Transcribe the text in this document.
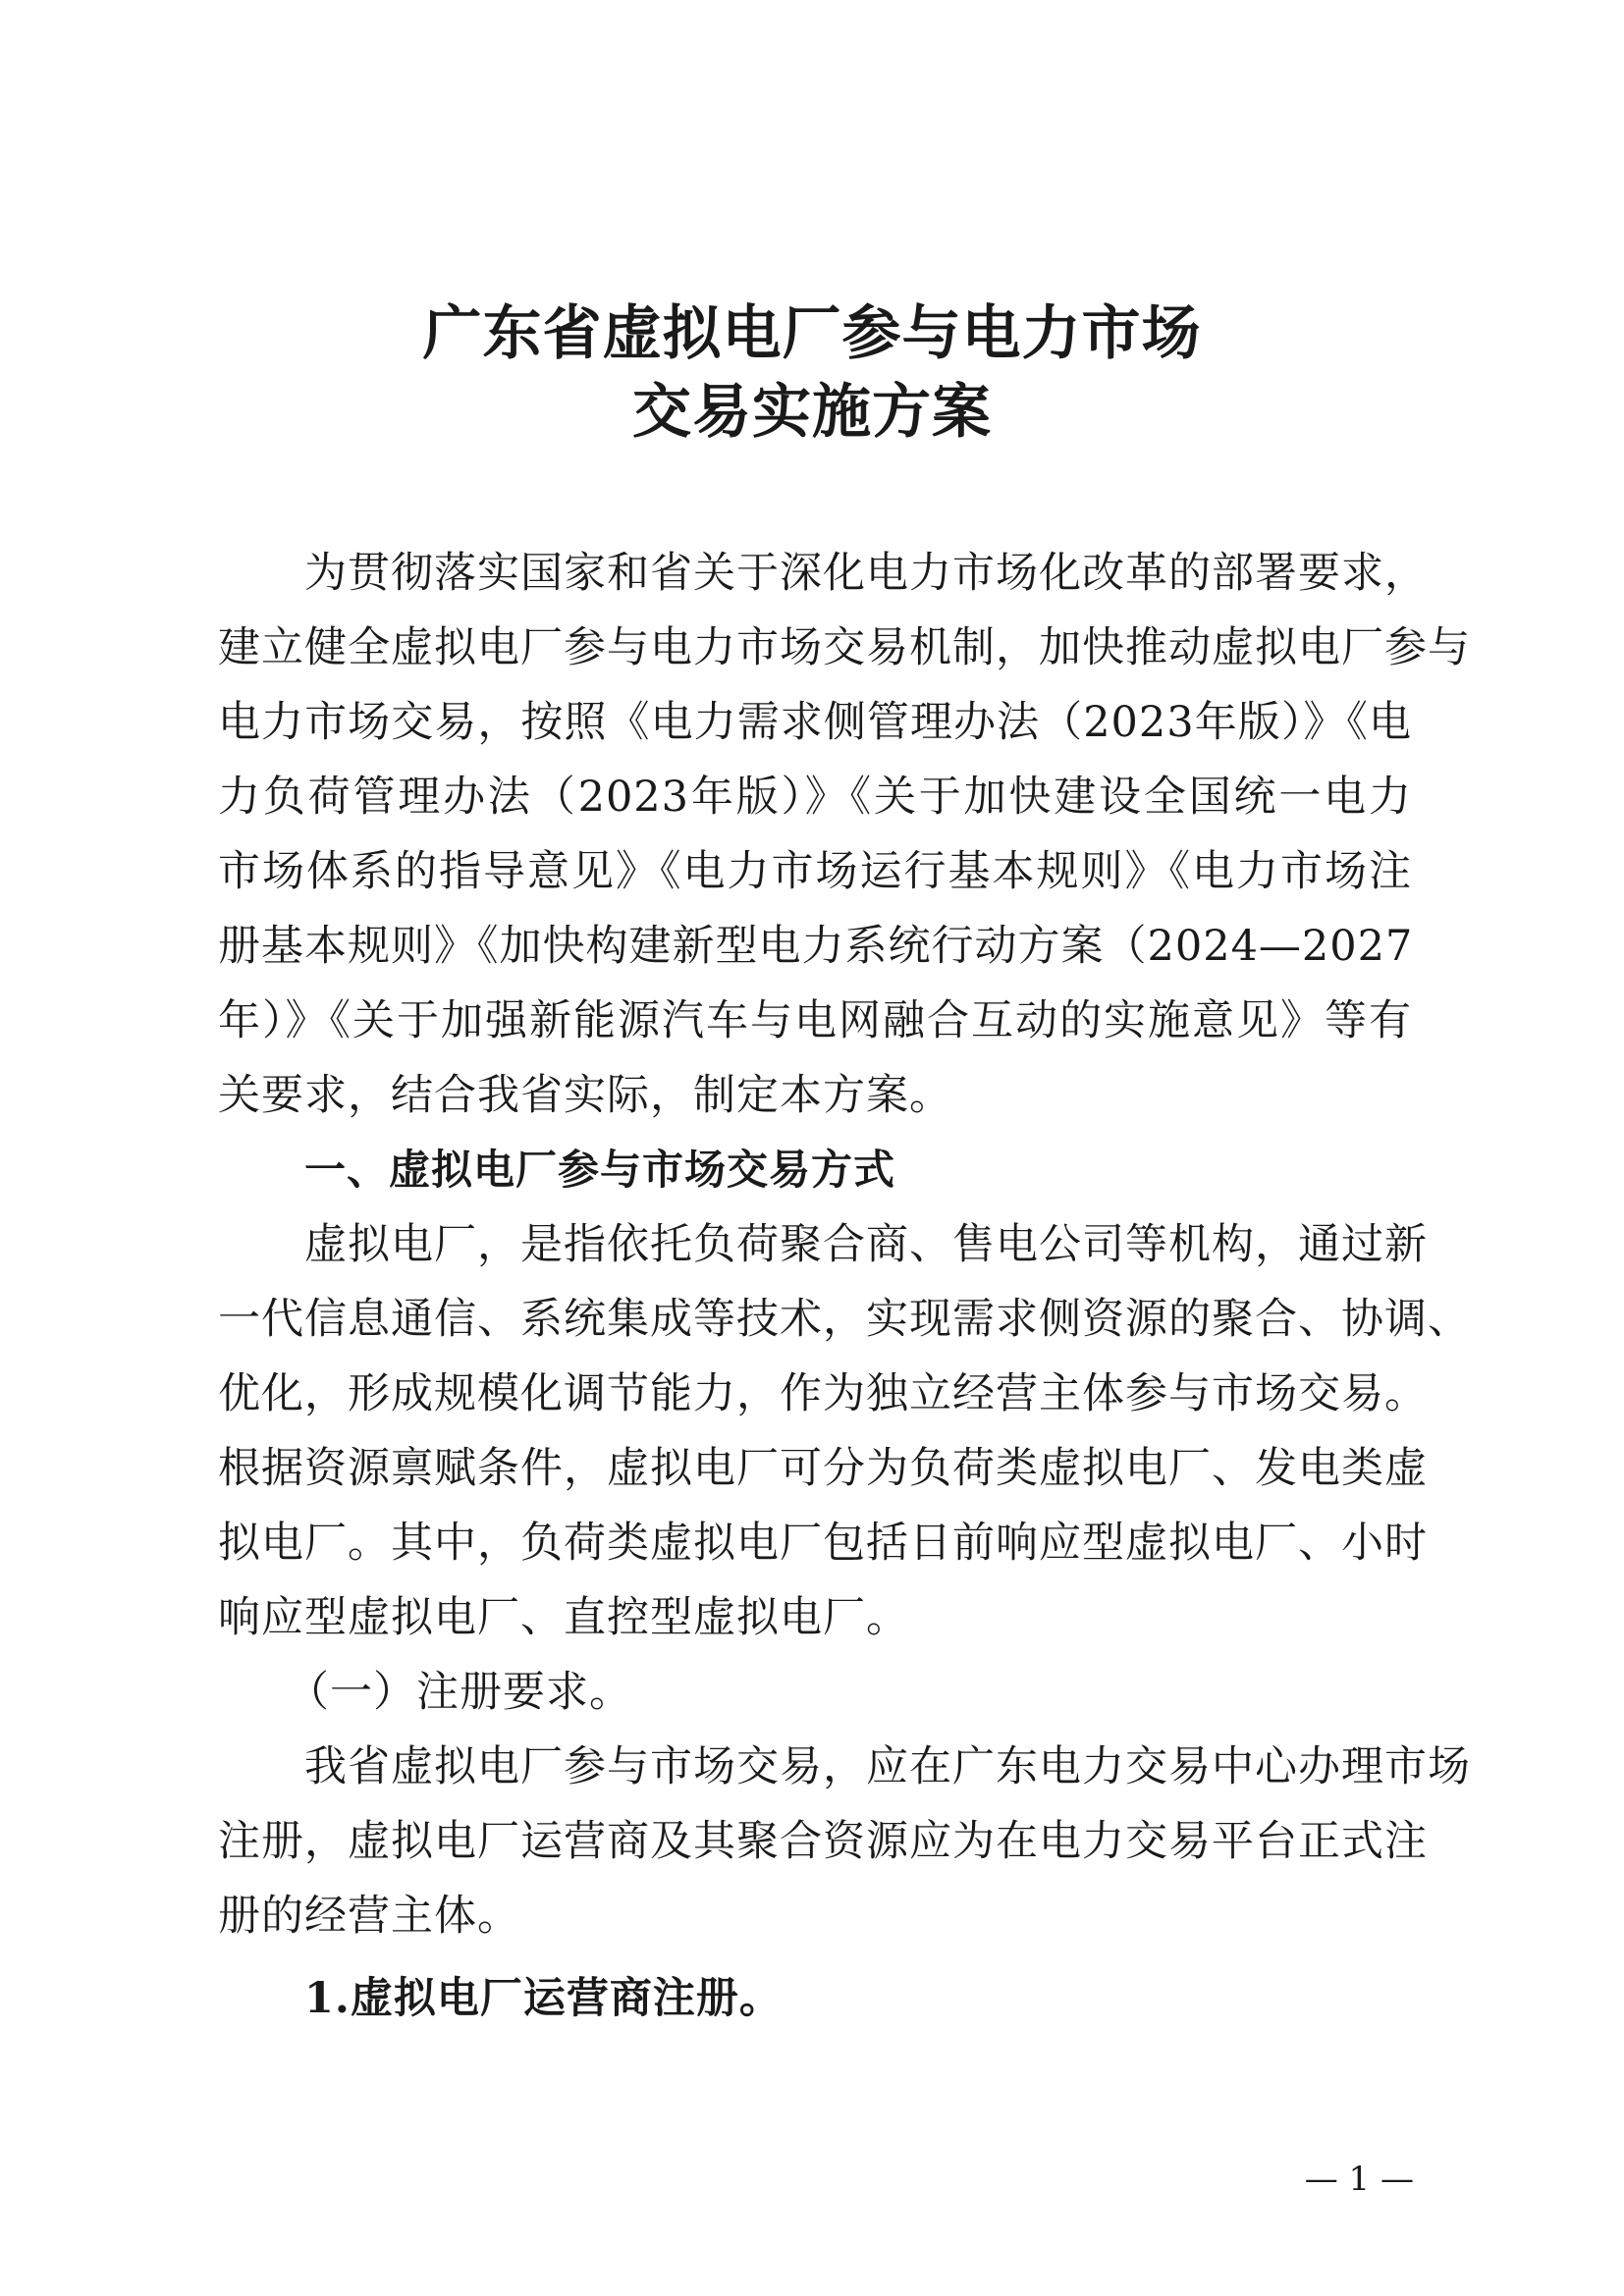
广东省虚拟电厂参与电力市场
交易实施方案
为贯彻落实国家和省关于深化电力市场化改革的部署要求，
建立健全虚拟电厂参与电力市场交易机制，加快推动虚拟电厂参与
电力市场交易，按照《电力需求侧管理办法（2023年版）》《电
力负荷管理办法（2023年版）》《关于加快建设全国统一电力
市场体系的指导意见》《电力市场运行基本规则》《电力市场注
册基本规则》《加快构建新型电力系统行动方案（2024—2027
年）》《关于加强新能源汽车与电网融合互动的实施意见》等有
关要求，结合我省实际，制定本方案。
一、虚拟电厂参与市场交易方式
虚拟电厂，是指依托负荷聚合商、售电公司等机构，通过新
一代信息通信、系统集成等技术，实现需求侧资源的聚合、协调、
优化，形成规模化调节能力，作为独立经营主体参与市场交易。
根据资源禀赋条件，虚拟电厂可分为负荷类虚拟电厂、发电类虚
拟电厂。其中，负荷类虚拟电厂包括日前响应型虚拟电厂、小时
响应型虚拟电厂、直控型虚拟电厂。
（一）注册要求。
我省虚拟电厂参与市场交易，应在广东电力交易中心办理市场
注册，虚拟电厂运营商及其聚合资源应为在电力交易平台正式注
册的经营主体。
1.虚拟电厂运营商注册。
— 1 —
